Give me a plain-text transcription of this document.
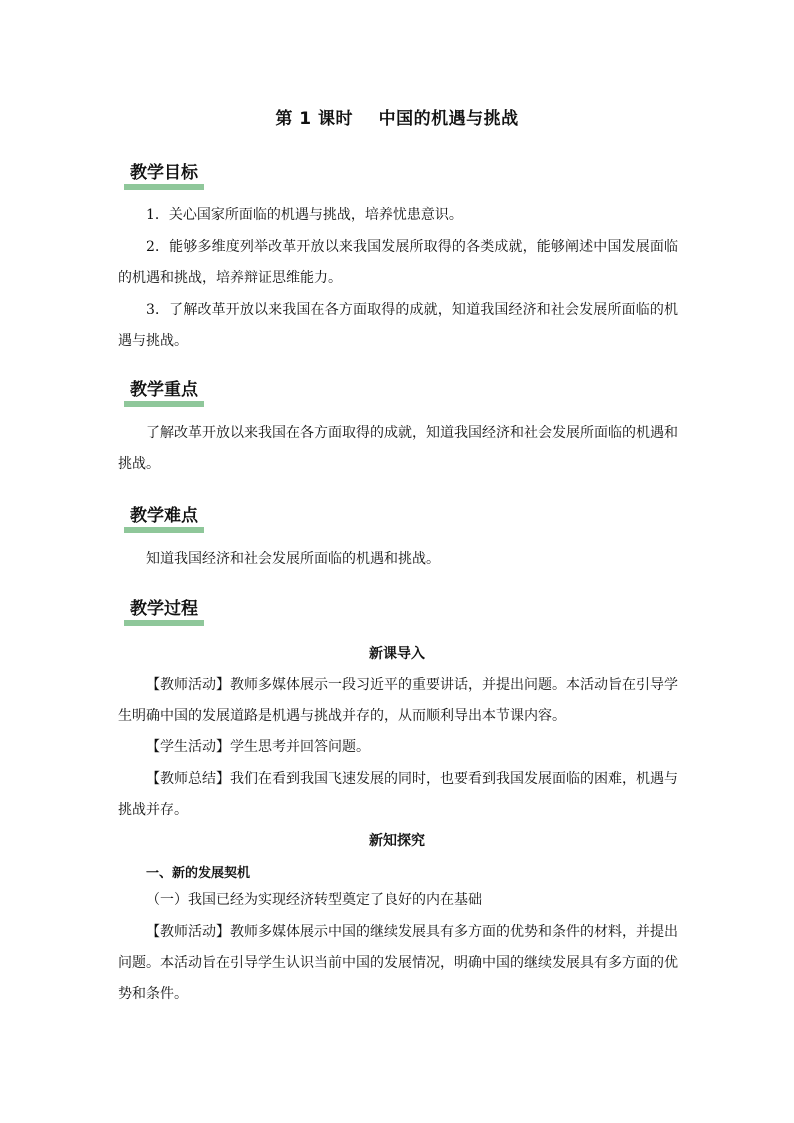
第 1 课时    中国的机遇与挑战
教学目标
1．关心国家所面临的机遇与挑战，培养忧患意识。
2．能够多维度列举改革开放以来我国发展所取得的各类成就，能够阐述中国发展面临的机遇和挑战，培养辩证思维能力。
3．了解改革开放以来我国在各方面取得的成就，知道我国经济和社会发展所面临的机遇与挑战。
教学重点
了解改革开放以来我国在各方面取得的成就，知道我国经济和社会发展所面临的机遇和挑战。
教学难点
知道我国经济和社会发展所面临的机遇和挑战。
教学过程
新课导入
【教师活动】教师多媒体展示一段习近平的重要讲话，并提出问题。本活动旨在引导学生明确中国的发展道路是机遇与挑战并存的，从而顺利导出本节课内容。
【学生活动】学生思考并回答问题。
【教师总结】我们在看到我国飞速发展的同时，也要看到我国发展面临的困难，机遇与挑战并存。
新知探究
一、新的发展契机
（一）我国已经为实现经济转型奠定了良好的内在基础
【教师活动】教师多媒体展示中国的继续发展具有多方面的优势和条件的材料，并提出问题。本活动旨在引导学生认识当前中国的发展情况，明确中国的继续发展具有多方面的优势和条件。
